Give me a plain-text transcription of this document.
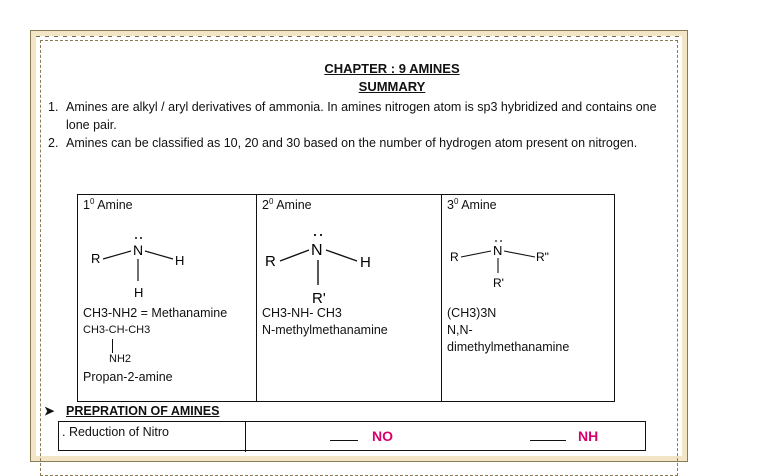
CHAPTER : 9 AMINES
SUMMARY
1. Amines are alkyl / aryl derivatives of ammonia. In amines nitrogen atom is sp3 hybridized and contains one lone pair.
2. Amines can be classified as 10, 20 and 30 based on the number of hydrogen atom present on nitrogen.
$1^0$ Amine
R
N
H
H
CH3-NH2 = Methanamine
CH3-CH-CH3
NH2
Propan-2-amine

$2^0$ Amine
R
N
H
R'
CH3-NH- CH3
N-methylmethanamine

$3^0$ Amine
R	N	R"
R'
(CH3)3N
N,N-
dimethylmethanamine
➤ PREPRATION OF AMINES
. Reduction of Nitro	NO	NH
